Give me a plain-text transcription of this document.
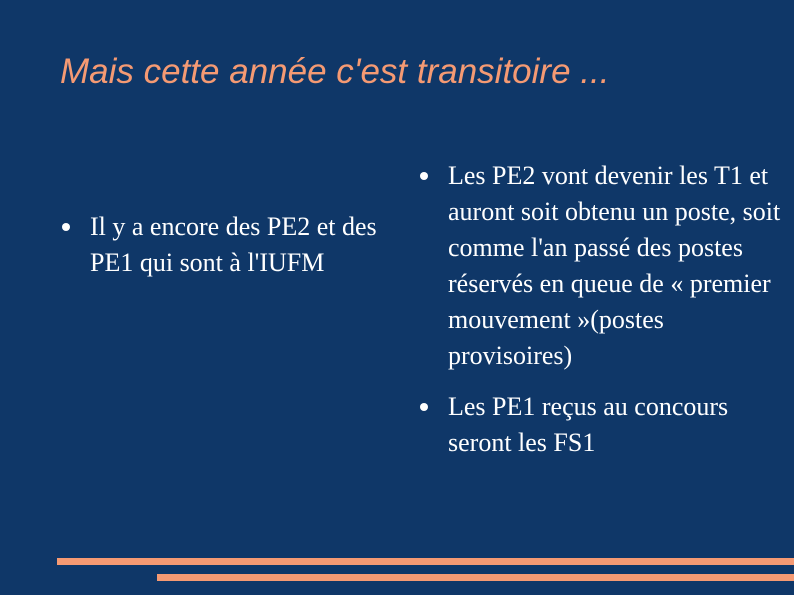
Mais cette année c'est transitoire ...
Il y a encore des PE2 et des PE1 qui sont à l'IUFM
Les PE2 vont devenir les T1 et auront soit obtenu un poste, soit comme l'an passé des postes réservés en queue de « premier mouvement »(postes provisoires)
Les PE1 reçus au concours seront les FS1
